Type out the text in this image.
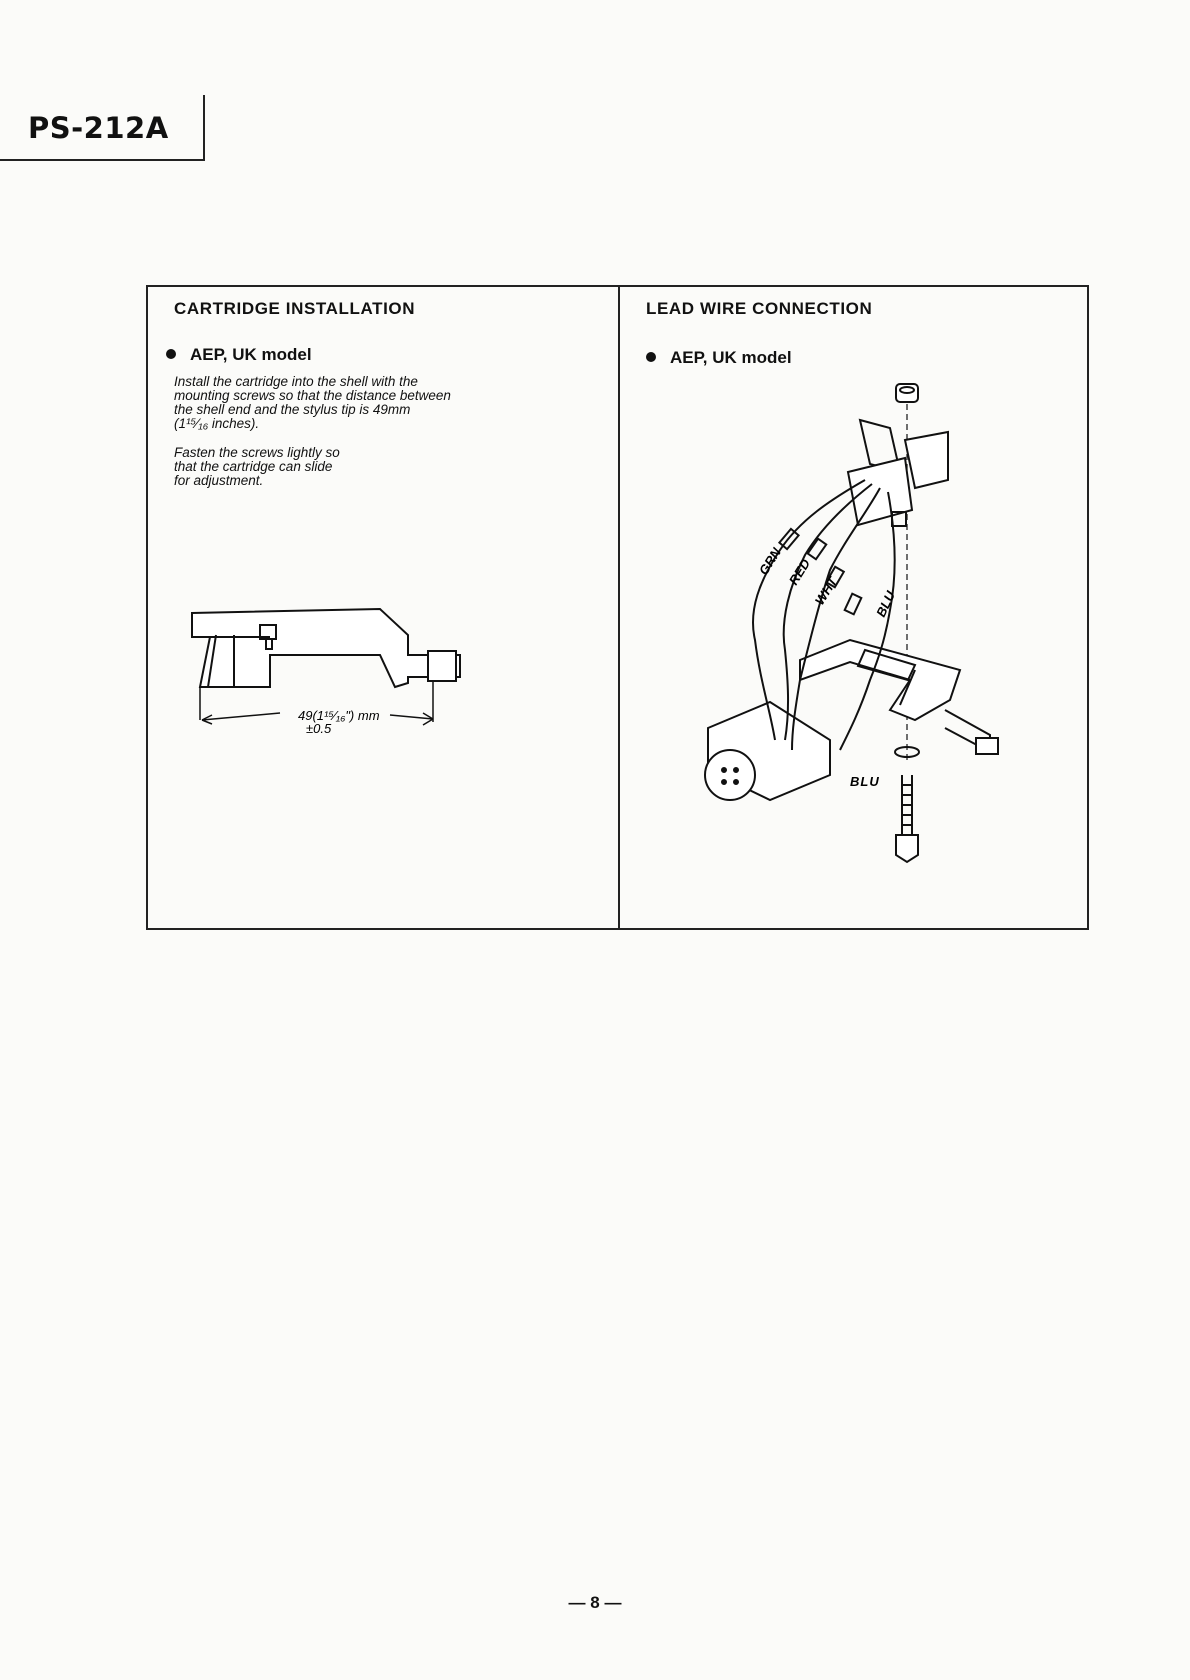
PS-212A
CARTRIDGE INSTALLATION
AEP, UK model
Install the cartridge into the shell with the
mounting screws so that the distance between
the shell end and the stylus tip is 49mm
(1¹⁵⁄₁₆ inches).
Fasten the screws lightly so
that the cartridge can slide
for adjustment.
49(1¹⁵⁄₁₆") mm
±0.5
LEAD WIRE CONNECTION
AEP, UK model
GRN RED
WHT	BLU
BLU
— 8 —
